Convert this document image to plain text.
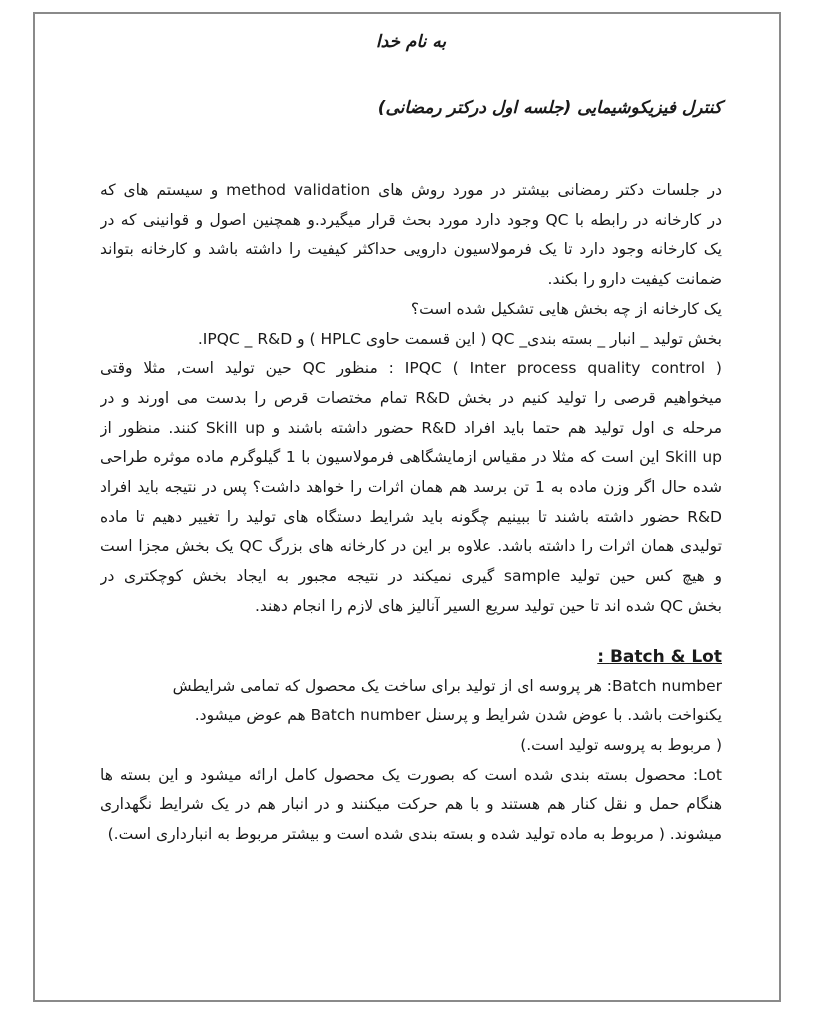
به نام خدا
کنترل فیزیکوشیمایی (جلسه اول درکتر رمضانی)
در جلسات دکتر رمضانی بیشتر در مورد روش های method validation و سیستم های که
در کارخانه در رابطه با QC وجود دارد مورد بحث قرار میگیرد.و همچنین اصول و قوانینی که در
یک کارخانه وجود دارد تا یک فرمولاسیون دارویی حداکثر کیفیت را داشته باشد و کارخانه بتواند
ضمانت کیفیت دارو را بکند.
یک کارخانه از چه بخش هایی تشکیل شده است؟
بخش تولید _ انبار _ بسته بندی_ QC ( این قسمت حاوی HPLC ) و IPQC _ R&D.
IPQC ( Inter process quality control ) : منظور QC حین تولید است, مثلا وقتی
میخواهیم قرصی را تولید کنیم در بخش R&D تمام مختصات قرص را بدست می اورند و در
مرحله ی اول تولید هم حتما باید افراد R&D حضور داشته باشند و Skill up کنند. منظور از
Skill up این است که مثلا در مقیاس ازمایشگاهی فرمولاسیون با 1 گیلوگرم ماده موثره طراحی
شده حال اگر وزن ماده به 1 تن برسد هم همان اثرات را خواهد داشت؟ پس در نتیجه باید افراد
R&D حضور داشته باشند تا ببینیم چگونه باید شرایط دستگاه های تولید را تغییر دهیم تا ماده
تولیدی همان اثرات را داشته باشد. علاوه بر این در کارخانه های بزرگ QC یک بخش مجزا است
و هیچ کس حین تولید sample گیری نمیکند در نتیجه مجبور به ایجاد بخش کوچکتری در
بخش QC شده اند تا حین تولید سریع السیر آنالیز های لازم را انجام دهند.
Batch & Lot :
Batch number: هر پروسه ای از تولید برای ساخت یک محصول که تمامی شرایطش
یکنواخت باشد. با عوض شدن شرایط و پرسنل Batch number هم عوض میشود.
( مربوط به پروسه تولید است.)
Lot: محصول بسته بندی شده است که بصورت یک محصول کامل ارائه میشود و این بسته ها
هنگام حمل و نقل کنار هم هستند و با هم حرکت میکنند و در انبار هم در یک شرایط نگهداری
میشوند. ( مربوط به ماده تولید شده و بسته بندی شده است و بیشتر مربوط به انبارداری است.)
